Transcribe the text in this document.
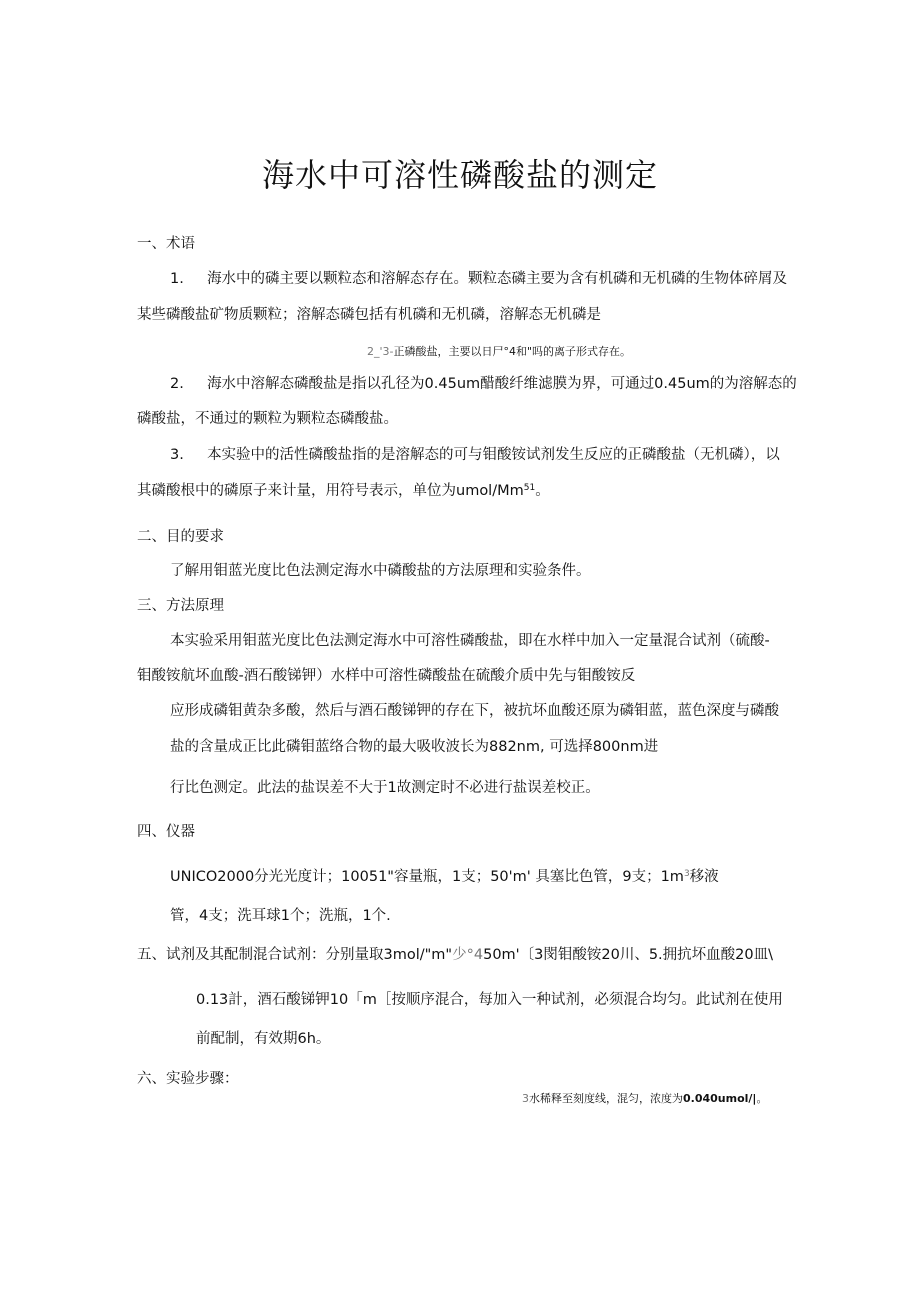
海水中可溶性磷酸盐的测定
一、术语
1. 海水中的磷主要以颗粒态和溶解态存在。颗粒态磷主要为含有机磷和无机磷的生物体碎屑及
某些磷酸盐矿物质颗粒；溶解态磷包括有机磷和无机磷，溶解态无机磷是
2_'3-正磷酸盐，主要以日尸°4和"吗的离子形式存在。
2. 海水中溶解态磷酸盐是指以孔径为0.45um醋酸纤维滤膜为界，可通过0.45um的为溶解态的
磷酸盐，不通过的颗粒为颗粒态磷酸盐。
3. 本实验中的活性磷酸盐指的是溶解态的可与钼酸铵试剂发生反应的正磷酸盐（无机磷），以
其磷酸根中的磷原子来计量，用符号表示，单位为umol/Mm$^{51}$。
二、目的要求
了解用钼蓝光度比色法测定海水中磷酸盐的方法原理和实验条件。
三、方法原理
本实验采用钼蓝光度比色法测定海水中可溶性磷酸盐，即在水样中加入一定量混合试剂（硫酸-
钼酸铵航坏血酸-酒石酸锑钾）水样中可溶性磷酸盐在硫酸介质中先与钼酸铵反
应形成磷钼黄杂多酸，然后与酒石酸锑钾的存在下，被抗坏血酸还原为磷钼蓝，蓝色深度与磷酸
盐的含量成正比此磷钼蓝络合物的最大吸收波长为882nm, 可选择800nm进
行比色测定。此法的盐误差不大于1故测定时不必进行盐误差校正。
四、仪器
UNICO2000分光光度计；10051"容量瓶，1支；50'm' 具塞比色管，9支；$1m^3$移液
管，4支；洗耳球1个；洗瓶，1个.
五、试剂及其配制混合试剂：分别量取3mol/"m"少°450m'〔3閔钼酸铵20川、5.拥抗坏血酸20皿\
0.13計，酒石酸锑钾10「m［按顺序混合，每加入一种试剂，必须混合均匀。此试剂在使用
前配制，有效期6h。
六、实验步骤：
3水稀释至刻度线，混匀，浓度为0.040umol/|。
